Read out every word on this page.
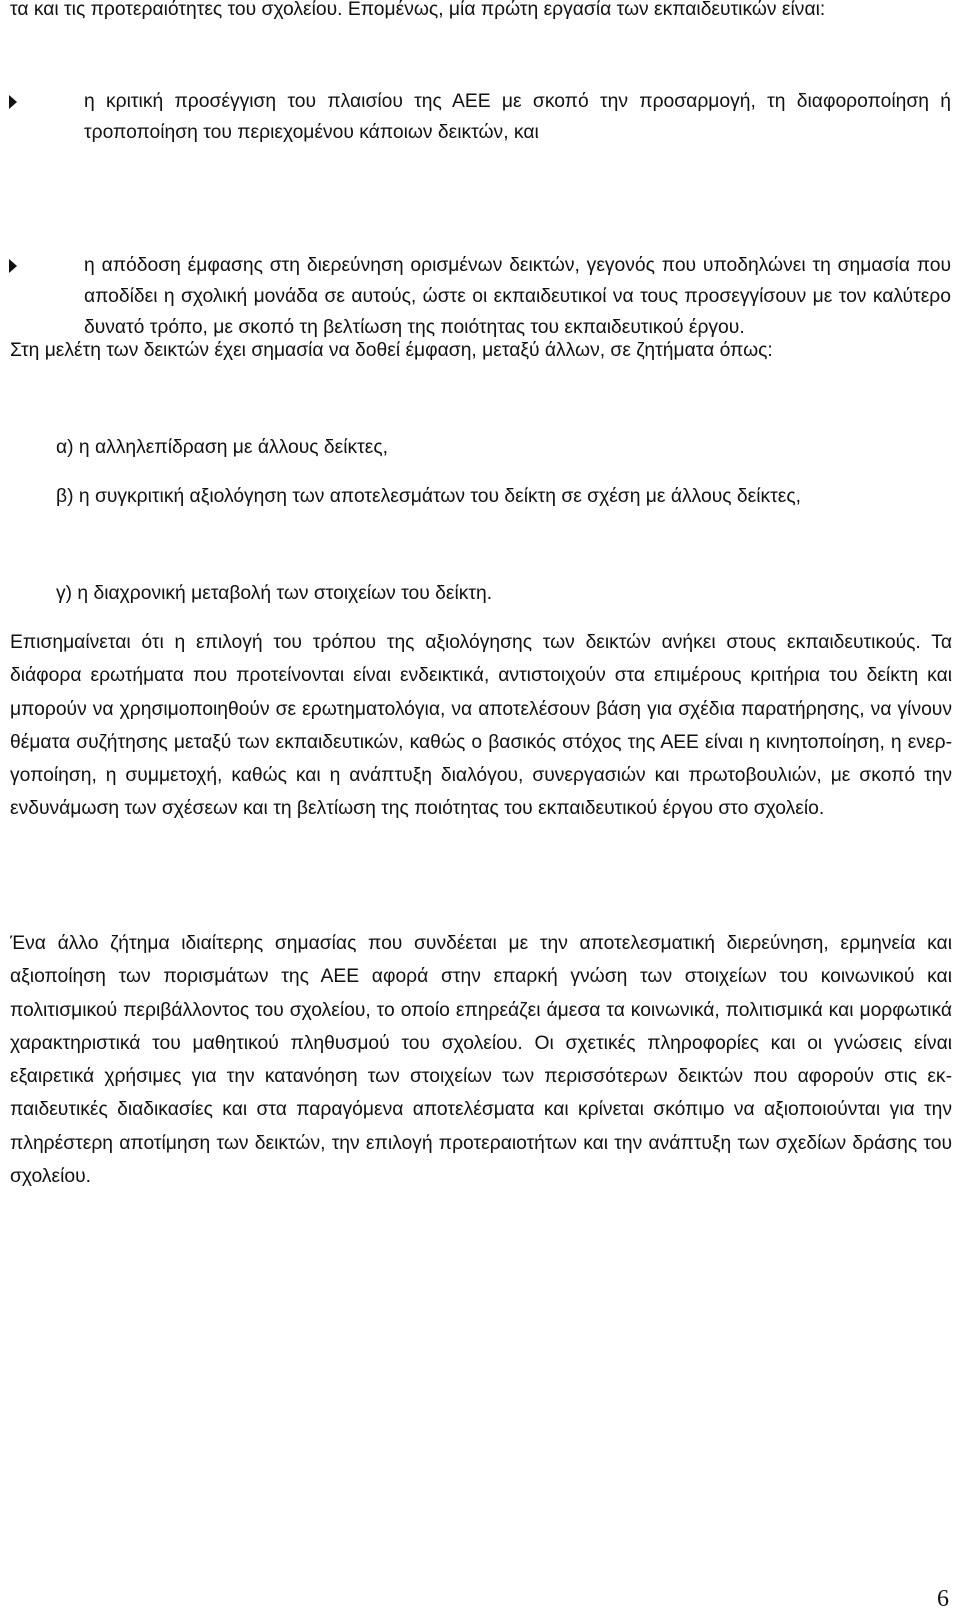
τα και τις προτεραιότητες του σχολείου. Επομένως, μία πρώτη εργασία των εκπαιδευτικών είναι:

η κριτική προσέγγιση του πλαισίου της ΑΕΕ με σκοπό την προσαρμογή, τη διαφοροποίηση ή τροποποίηση του περιεχομένου κάποιων δεικτών, και
η απόδοση έμφασης στη διερεύνηση ορισμένων δεικτών, γεγονός που υποδηλώνει τη σημασία που αποδίδει η σχολική μονάδα σε αυτούς, ώστε οι εκπαιδευτικοί να τους προσεγγίσουν με τον καλύτερο δυνατό τρόπο, με σκοπό τη βελτίωση της ποιότητας του εκπαιδευτικού έργου.

Στη μελέτη των δεικτών έχει σημασία να δοθεί έμφαση, μεταξύ άλλων, σε ζητήματα όπως:

α) η αλληλεπίδραση με άλλους δείκτες,

β) η συγκριτική αξιολόγηση των αποτελεσμάτων του δείκτη σε σχέση με άλλους δείκτες,

γ) η διαχρονική μεταβολή των στοιχείων του δείκτη.

Επισημαίνεται ότι η επιλογή του τρόπου της αξιολόγησης των δεικτών ανήκει στους εκπαιδευτικούς. Τα διάφορα ερωτήματα που προτείνονται είναι ενδεικτικά, αντιστοιχούν στα επιμέρους κριτήρια του δείκτη και μπορούν να χρησιμοποιηθούν σε ερωτηματολόγια, να αποτελέσουν βάση για σχέδια παρατήρησης, να γίνουν θέματα συζήτησης μεταξύ των εκπαιδευτικών, καθώς ο βασικός στόχος της ΑΕΕ είναι η κινητοποίηση, η ενεργοποίηση, η συμμετοχή, καθώς και η ανάπτυξη διαλόγου, συνεργασιών και πρωτοβουλιών, με σκοπό την ενδυνάμωση των σχέσεων και τη βελτίωση της ποιότητας του εκπαιδευτικού έργου στο σχολείο.

Ένα άλλο ζήτημα ιδιαίτερης σημασίας που συνδέεται με την αποτελεσματική διερεύνηση, ερμηνεία και αξιοποίηση των πορισμάτων της ΑΕΕ αφορά στην επαρκή γνώση των στοιχείων του κοινωνικού και πολιτισμικού περιβάλλοντος του σχολείου, το οποίο επηρεάζει άμεσα τα κοινωνικά, πολιτισμικά και μορφωτικά χαρακτηριστικά του μαθητικού πληθυσμού του σχολείου. Οι σχετικές πληροφορίες και οι γνώσεις είναι εξαιρετικά χρήσιμες για την κατανόηση των στοιχείων των περισσότερων δεικτών που αφορούν στις εκπαιδευτικές διαδικασίες και στα παραγόμενα αποτελέσματα και κρίνεται σκόπιμο να αξιοποιούνται για την πληρέστερη αποτίμηση των δεικτών, την επιλογή προτεραιοτήτων και την ανάπτυξη των σχεδίων δράσης του σχολείου.

6
